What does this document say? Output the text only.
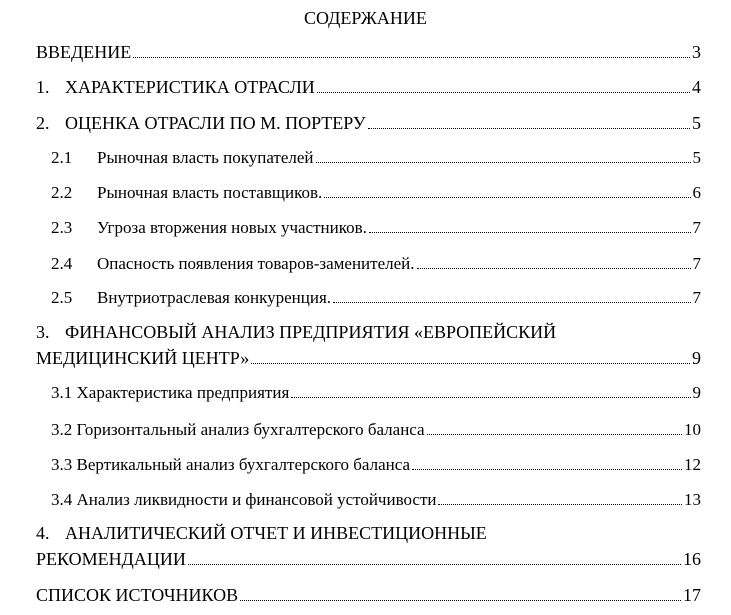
СОДЕРЖАНИЕ
ВВЕДЕНИЕ	3
1. ХАРАКТЕРИСТИКА ОТРАСЛИ	4
2. ОЦЕНКА ОТРАСЛИ ПО М. ПОРТЕРУ	5
2.1	Рыночная власть покупателей	5
2.2	Рыночная власть поставщиков.	6
2.3	Угроза вторжения новых участников.	7
2.4	Опасность появления товаров-заменителей.	7
2.5	Внутриотраслевая конкуренция.	7
3. ФИНАНСОВЫЙ АНАЛИЗ ПРЕДПРИЯТИЯ «ЕВРОПЕЙСКИЙ
МЕДИЦИНСКИЙ ЦЕНТР»	9
3.1 Характеристика предприятия	9
3.2 Горизонтальный анализ бухгалтерского баланса	10
3.3 Вертикальный анализ бухгалтерского баланса	12
3.4 Анализ ликвидности и финансовой устойчивости	13
4. АНАЛИТИЧЕСКИЙ ОТЧЕТ И ИНВЕСТИЦИОННЫЕ
РЕКОМЕНДАЦИИ	16
СПИСОК ИСТОЧНИКОВ	17
